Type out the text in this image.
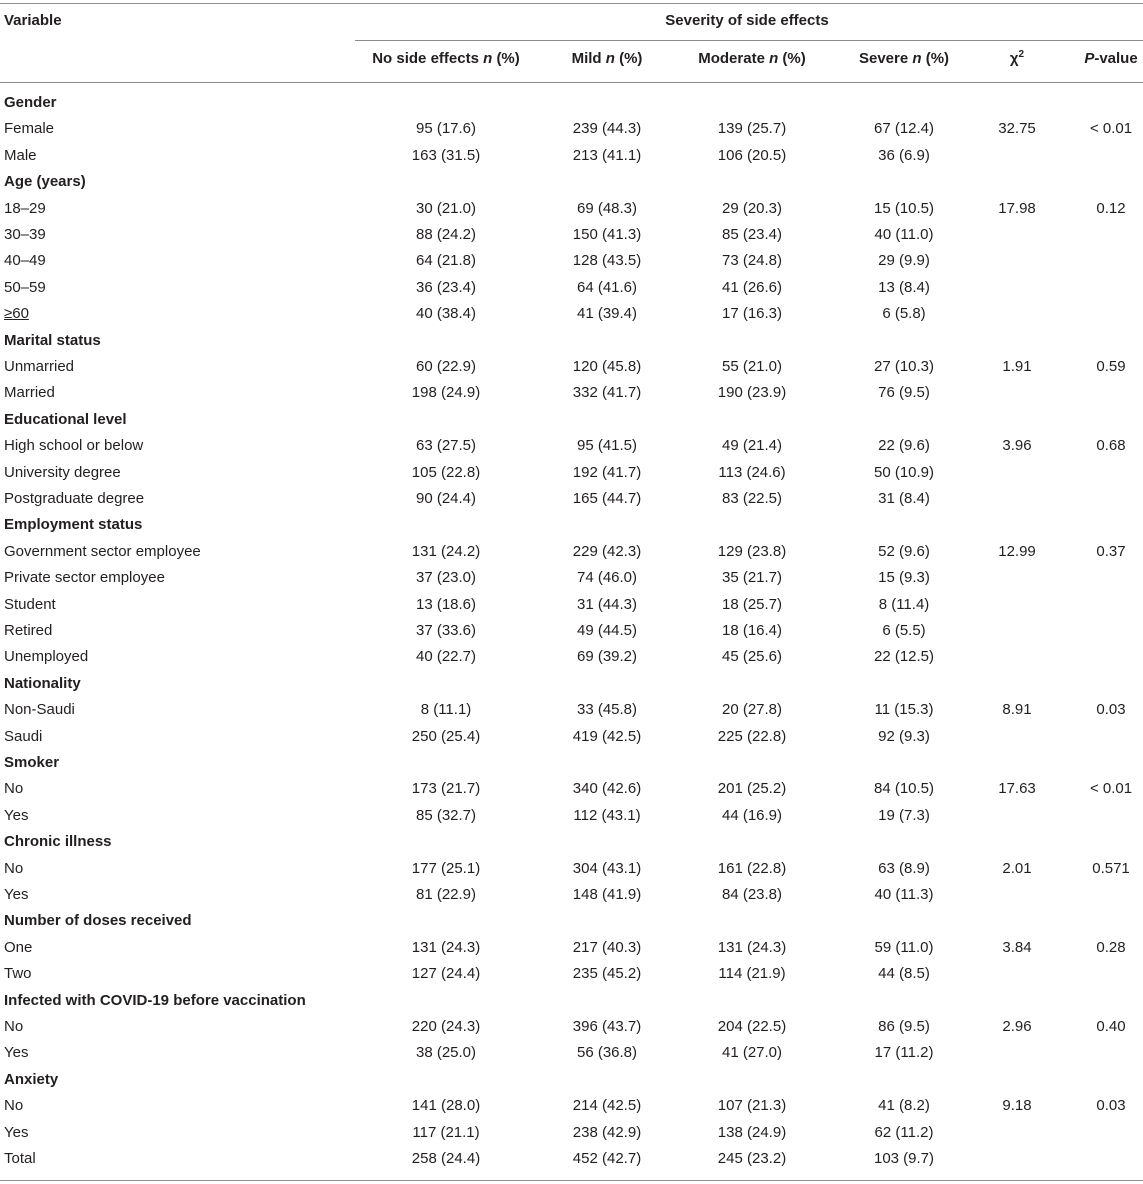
Variable	Severity of side effects
No side effects n (%)	Mild n (%)	Moderate n (%)	Severe n (%)	$\chi^2$	P-value
Gender
Female	95 (17.6)	239 (44.3)	139 (25.7)	67 (12.4)	32.75	< 0.01
Male	163 (31.5)	213 (41.1)	106 (20.5)	36 (6.9)
Age (years)
18–29	30 (21.0)	69 (48.3)	29 (20.3)	15 (10.5)	17.98	0.12
30–39	88 (24.2)	150 (41.3)	85 (23.4)	40 (11.0)
40–49	64 (21.8)	128 (43.5)	73 (24.8)	29 (9.9)
50–59	36 (23.4)	64 (41.6)	41 (26.6)	13 (8.4)
≥60	40 (38.4)	41 (39.4)	17 (16.3)	6 (5.8)
Marital status
Unmarried	60 (22.9)	120 (45.8)	55 (21.0)	27 (10.3)	1.91	0.59
Married	198 (24.9)	332 (41.7)	190 (23.9)	76 (9.5)
Educational level
High school or below	63 (27.5)	95 (41.5)	49 (21.4)	22 (9.6)	3.96	0.68
University degree	105 (22.8)	192 (41.7)	113 (24.6)	50 (10.9)
Postgraduate degree	90 (24.4)	165 (44.7)	83 (22.5)	31 (8.4)
Employment status
Government sector employee	131 (24.2)	229 (42.3)	129 (23.8)	52 (9.6)	12.99	0.37
Private sector employee	37 (23.0)	74 (46.0)	35 (21.7)	15 (9.3)
Student	13 (18.6)	31 (44.3)	18 (25.7)	8 (11.4)
Retired	37 (33.6)	49 (44.5)	18 (16.4)	6 (5.5)
Unemployed	40 (22.7)	69 (39.2)	45 (25.6)	22 (12.5)
Nationality
Non-Saudi	8 (11.1)	33 (45.8)	20 (27.8)	11 (15.3)	8.91	0.03
Saudi	250 (25.4)	419 (42.5)	225 (22.8)	92 (9.3)
Smoker
No	173 (21.7)	340 (42.6)	201 (25.2)	84 (10.5)	17.63	< 0.01
Yes	85 (32.7)	112 (43.1)	44 (16.9)	19 (7.3)
Chronic illness
No	177 (25.1)	304 (43.1)	161 (22.8)	63 (8.9)	2.01	0.571
Yes	81 (22.9)	148 (41.9)	84 (23.8)	40 (11.3)
Number of doses received
One	131 (24.3)	217 (40.3)	131 (24.3)	59 (11.0)	3.84	0.28
Two	127 (24.4)	235 (45.2)	114 (21.9)	44 (8.5)
Infected with COVID-19 before vaccination
No	220 (24.3)	396 (43.7)	204 (22.5)	86 (9.5)	2.96	0.40
Yes	38 (25.0)	56 (36.8)	41 (27.0)	17 (11.2)
Anxiety
No	141 (28.0)	214 (42.5)	107 (21.3)	41 (8.2)	9.18	0.03
Yes	117 (21.1)	238 (42.9)	138 (24.9)	62 (11.2)
Total	258 (24.4)	452 (42.7)	245 (23.2)	103 (9.7)
